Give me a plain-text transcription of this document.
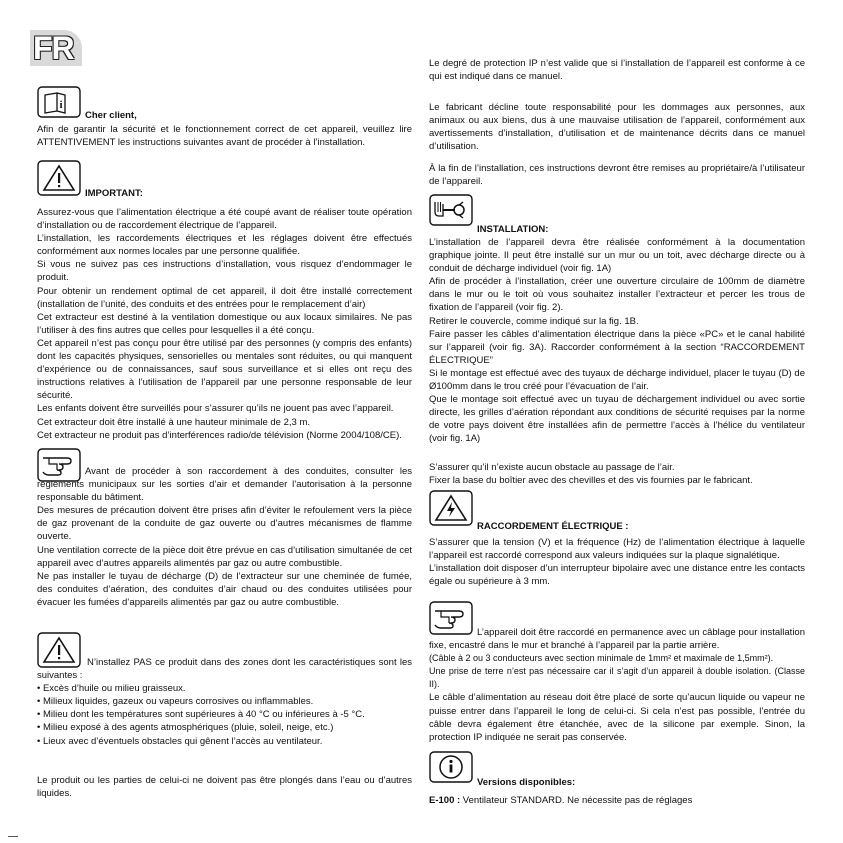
FR
i
Cher client,

Afin de garantir la sécurité et le fonctionnement correct de cet appareil, veuillez lire ATTENTIVEMENT les instructions suivantes avant de procéder à l’installation.

IMPORTANT:

Assurez-vous que l’alimentation électrique a été coupé avant de réaliser toute opération d’installation ou de raccordement électrique de l’appareil.

L’installation, les raccordements électriques et les réglages doivent être effectués conformément aux normes locales par une personne qualifiée.

Si vous ne suivez pas ces instructions d’installation, vous risquez d’endommager le produit.

Pour obtenir un rendement optimal de cet appareil, il doit être installé correctement (installation de l’unité, des conduits et des entrées pour le remplacement d’air)

Cet extracteur est destiné à la ventilation domestique ou aux locaux similaires. Ne pas l’utiliser à des fins autres que celles pour lesquelles il a été conçu.

Cet appareil n’est pas conçu pour être utilisé par des personnes (y compris des enfants) dont les capacités physiques, sensorielles ou mentales sont réduites, ou qui manquent d’expérience ou de connaissances, sauf sous surveillance et si elles ont reçu des instructions relatives à l’utilisation de l’appareil par une personne responsable de leur sécurité.

Les enfants doivent être surveillés pour s’assurer qu’ils ne jouent pas avec l’appareil.

Cet extracteur doit être installé à une hauteur minimale de 2,3 m.

Cet extracteur ne produit pas d’interférences radio/de télévision (Norme 2004/108/CE).

Avant de procéder à son raccordement à des conduites, consulter les règlements municipaux sur les sorties d’air et demander l’autorisation à la personne responsable du bâtiment.

Des mesures de précaution doivent être prises afin d’éviter le refoulement vers la pièce de gaz provenant de la conduite de gaz ouverte ou d’autres mécanismes de flamme ouverte.

Une ventilation correcte de la pièce doit être prévue en cas d’utilisation simultanée de cet appareil avec d’autres appareils alimentés par gaz ou autre combustible.

Ne pas installer le tuyau de décharge (D) de l’extracteur sur une cheminée de fumée, des conduites d’aération, des conduites d’air chaud ou des conduites utilisées pour évacuer les fumées d’appareils alimentés par gaz ou autre combustible.

N’installez PAS ce produit dans des zones dont les caractéristiques sont les suivantes :

• Excès d’huile ou milieu graisseux.

• Milieux liquides, gazeux ou vapeurs corrosives ou inflammables.

• Milieu dont les températures sont supérieures à 40 °C ou inférieures à -5 °C.

• Milieu exposé à des agents atmosphériques (pluie, soleil, neige, etc.)

• Lieux avec d’éventuels obstacles qui gênent l’accès au ventilateur.

Le produit ou les parties de celui-ci ne doivent pas être plongés dans l’eau ou d’autres liquides.

Le degré de protection IP n’est valide que si l’installation de l’appareil est conforme à ce qui est indiqué dans ce manuel.

Le fabricant décline toute responsabilité pour les dommages aux personnes, aux animaux ou aux biens, dus à une mauvaise utilisation de l’appareil, conformément aux avertissements d’installation, d’utilisation et de maintenance décrits dans ce manuel d’utilisation.

À la fin de l’installation, ces instructions devront être remises au propriétaire/à l’utilisateur de l’appareil.

INSTALLATION:

L’installation de l’appareil devra être réalisée conformément à la documentation graphique jointe. Il peut être installé sur un mur ou un toit, avec décharge directe ou à conduit de décharge individuel (voir fig. 1A)

Afin de procéder à l’installation, créer une ouverture circulaire de 100mm de diamètre dans le mur ou le toit où vous souhaitez installer l’extracteur et percer les trous de fixation de l’appareil (voir fig. 2).

Retirer le couvercle, comme indiqué sur la fig. 1B.

Faire passer les câbles d’alimentation électrique dans la pièce «PC» et le canal habilité sur l’appareil (voir fig. 3A). Raccorder conformément à la section “RACCORDEMENT ÉLECTRIQUE”

Si le montage est effectué avec des tuyaux de décharge individuel, placer le tuyau (D) de Ø100mm dans le trou créé pour l’évacuation de l’air.

Que le montage soit effectué avec un tuyau de déchargement individuel ou avec sortie directe, les grilles d’aération répondant aux conditions de sécurité requises par la norme de votre pays doivent être installées afin de permettre l’accès à l’hélice du ventilateur (voir fig. 1A)

S’assurer qu’il n’existe aucun obstacle au passage de l’air.

Fixer la base du boîtier avec des chevilles et des vis fournies par le fabricant.

RACCORDEMENT ÉLECTRIQUE :

S’assurer que la tension (V) et la fréquence (Hz) de l’alimentation électrique à laquelle l’appareil est raccordé correspond aux valeurs indiquées sur la plaque signalétique.

L’installation doit disposer d’un interrupteur bipolaire avec une distance entre les contacts égale ou supérieure à 3 mm.

L’appareil doit être raccordé en permanence avec un câblage pour installation fixe, encastré dans le mur et branché à l’appareil par la partie arrière.

(Câble à 2 ou 3 conducteurs avec section minimale de 1mm² et maximale de 1,5mm²).

Une prise de terre n’est pas nécessaire car il s’agit d’un appareil à double isolation. (Classe II).

Le câble d’alimentation au réseau doit être placé de sorte qu’aucun liquide ou vapeur ne puisse entrer dans l’appareil le long de celui-ci. Si cela n’est pas possible, l’entrée du câble devra également être étanchée, avec de la silicone par exemple. Sinon, la protection IP indiquée ne serait pas conservée.

Versions disponibles:

E-100 : Ventilateur STANDARD. Ne nécessite pas de réglages
